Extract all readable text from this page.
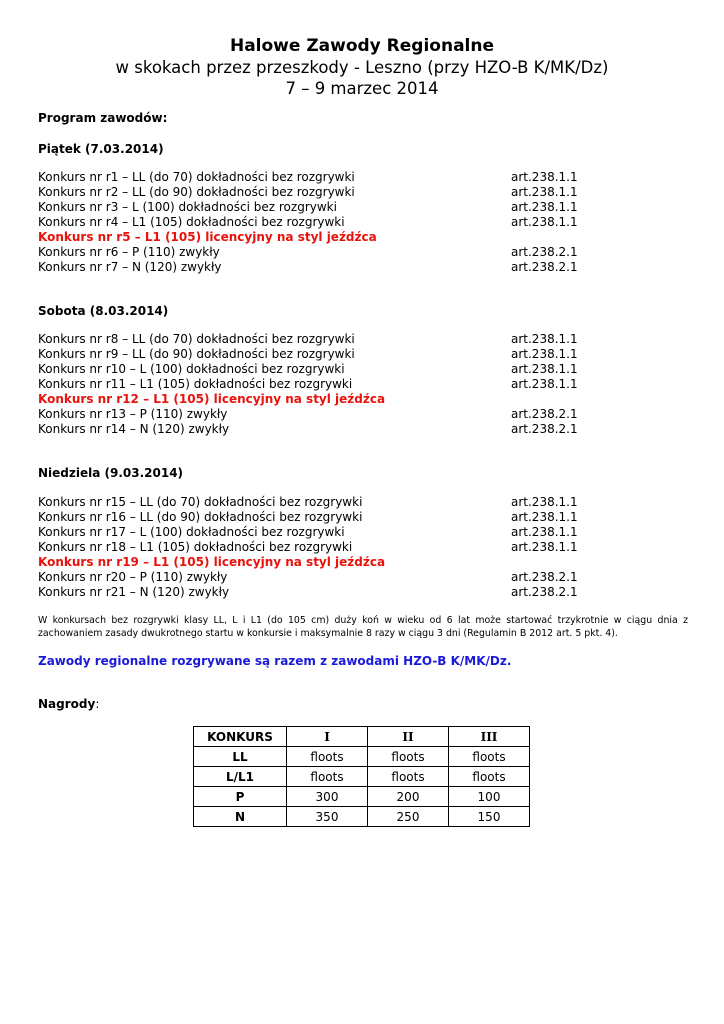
Halowe Zawody Regionalne
w skokach przez przeszkody - Leszno (przy HZO-B K/MK/Dz)
7 – 9 marzec 2014
Program zawodów:
Piątek (7.03.2014)
Konkurs nr r1 – LL (do 70) dokładności bez rozgrywki	art.238.1.1
Konkurs nr r2 – LL (do 90) dokładności bez rozgrywki	art.238.1.1
Konkurs nr r3 – L (100) dokładności bez rozgrywki	art.238.1.1
Konkurs nr r4 – L1 (105) dokładności bez rozgrywki	art.238.1.1
Konkurs nr r5 – L1 (105) licencyjny na styl jeźdźca
Konkurs nr r6 – P (110) zwykły	art.238.2.1
Konkurs nr r7 – N (120) zwykły	art.238.2.1
Sobota (8.03.2014)
Konkurs nr r8 – LL (do 70) dokładności bez rozgrywki	art.238.1.1
Konkurs nr r9 – LL (do 90) dokładności bez rozgrywki	art.238.1.1
Konkurs nr r10 – L (100) dokładności bez rozgrywki	art.238.1.1
Konkurs nr r11 – L1 (105) dokładności bez rozgrywki	art.238.1.1
Konkurs nr r12 – L1 (105) licencyjny na styl jeźdźca
Konkurs nr r13 – P (110) zwykły	art.238.2.1
Konkurs nr r14 – N (120) zwykły	art.238.2.1
Niedziela (9.03.2014)
Konkurs nr r15 – LL (do 70) dokładności bez rozgrywki	art.238.1.1
Konkurs nr r16 – LL (do 90) dokładności bez rozgrywki	art.238.1.1
Konkurs nr r17 – L (100) dokładności bez rozgrywki	art.238.1.1
Konkurs nr r18 – L1 (105) dokładności bez rozgrywki	art.238.1.1
Konkurs nr r19 – L1 (105) licencyjny na styl jeźdźca
Konkurs nr r20 – P (110) zwykły	art.238.2.1
Konkurs nr r21 – N (120) zwykły	art.238.2.1
W konkursach bez rozgrywki klasy LL, L i L1 (do 105 cm) duży koń w wieku od 6 lat może startować trzykrotnie w ciągu dnia z zachowaniem zasady dwukrotnego startu w konkursie i maksymalnie 8 razy w ciągu 3 dni (Regulamin B 2012 art. 5 pkt. 4).
Zawody regionalne rozgrywane są razem z zawodami HZO-B K/MK/Dz.
Nagrody:
KONKURS	I	II	III
LL	floots	floots	floots
L/L1	floots	floots	floots
P	300	200	100
N	350	250	150
